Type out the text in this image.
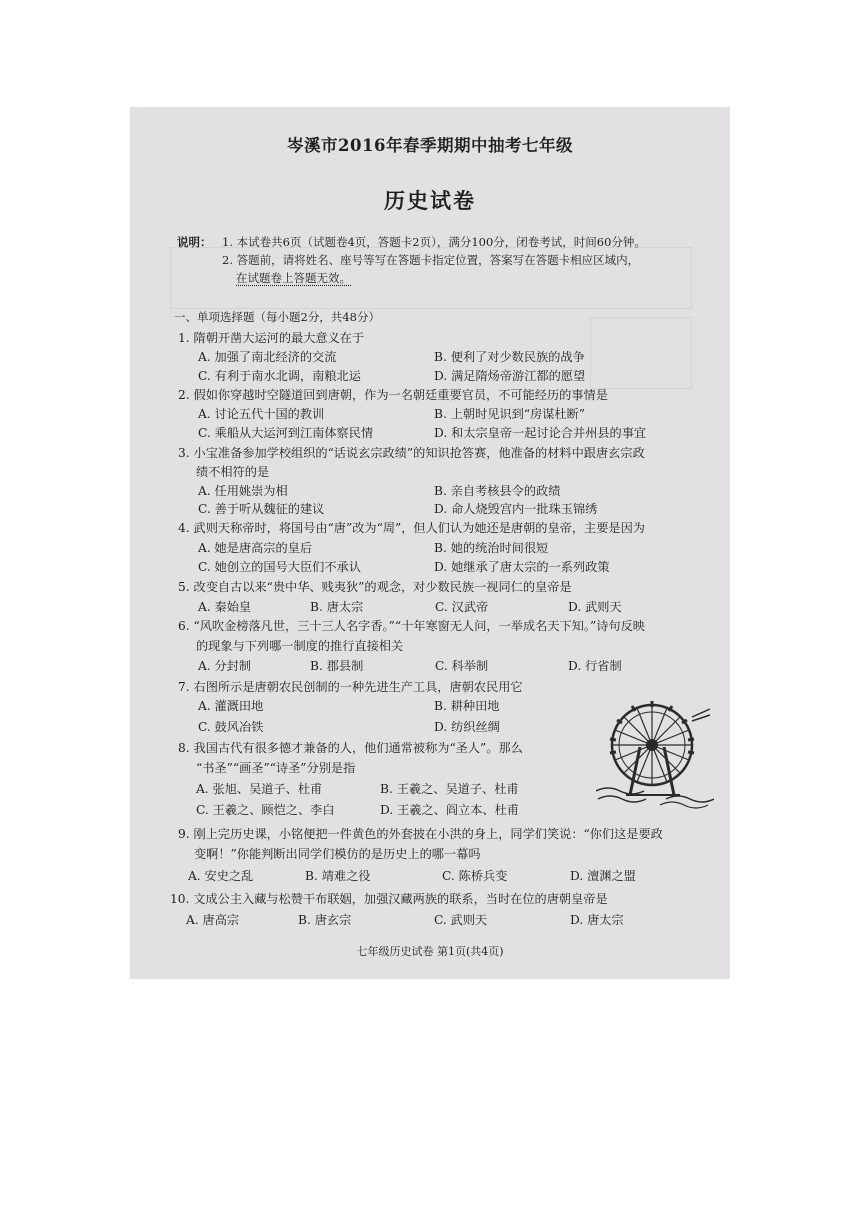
岑溪市2016年春季期期中抽考七年级
历史试卷
说明： 1. 本试卷共6页（试题卷4页，答题卡2页），满分100分，闭卷考试，时间60分钟。
2. 答题前，请将姓名、座号等写在答题卡指定位置，答案写在答题卡相应区域内，
在试题卷上答题无效。
一、单项选择题（每小题2分，共48分）
1. 隋朝开凿大运河的最大意义在于
A. 加强了南北经济的交流	B. 便利了对少数民族的战争
C. 有利于南水北调，南粮北运	D. 满足隋炀帝游江都的愿望
2. 假如你穿越时空隧道回到唐朝，作为一名朝廷重要官员，不可能经历的事情是
A. 讨论五代十国的教训	B. 上朝时见识到“房谋杜断”
C. 乘船从大运河到江南体察民情	D. 和太宗皇帝一起讨论合并州县的事宜
3. 小宝准备参加学校组织的“话说玄宗政绩”的知识抢答赛，他准备的材料中跟唐玄宗政
绩不相符的是
A. 任用姚崇为相	B. 亲自考核县令的政绩
C. 善于听从魏征的建议	D. 命人烧毁宫内一批珠玉锦绣
4. 武则天称帝时，将国号由“唐”改为“周”，但人们认为她还是唐朝的皇帝，主要是因为
A. 她是唐高宗的皇后	B. 她的统治时间很短
C. 她创立的国号大臣们不承认	D. 她继承了唐太宗的一系列政策
5. 改变自古以来“贵中华、贱夷狄”的观念，对少数民族一视同仁的皇帝是
A. 秦始皇	B. 唐太宗	C. 汉武帝	D. 武则天
6. “风吹金榜落凡世，三十三人名字香。”“十年寒窗无人问，一举成名天下知。”诗句反映
的现象与下列哪一制度的推行直接相关
A. 分封制	B. 郡县制	C. 科举制	D. 行省制
7. 右图所示是唐朝农民创制的一种先进生产工具，唐朝农民用它
A. 灌溉田地	B. 耕种田地
C. 鼓风冶铁	D. 纺织丝绸
8. 我国古代有很多德才兼备的人，他们通常被称为“圣人”。那么
“书圣”“画圣”“诗圣”分别是指
A. 张旭、吴道子、杜甫	B. 王羲之、吴道子、杜甫
C. 王羲之、顾恺之、李白	D. 王羲之、阎立本、杜甫
9. 刚上完历史课，小铭便把一件黄色的外套披在小洪的身上，同学们笑说：“你们这是要政
变啊！”你能判断出同学们模仿的是历史上的哪一幕吗
A. 安史之乱	B. 靖难之役	C. 陈桥兵变	D. 澶渊之盟
10. 文成公主入藏与松赞干布联姻，加强汉藏两族的联系，当时在位的唐朝皇帝是
A. 唐高宗	B. 唐玄宗	C. 武则天	D. 唐太宗
七年级历史试卷 第1页(共4页)
